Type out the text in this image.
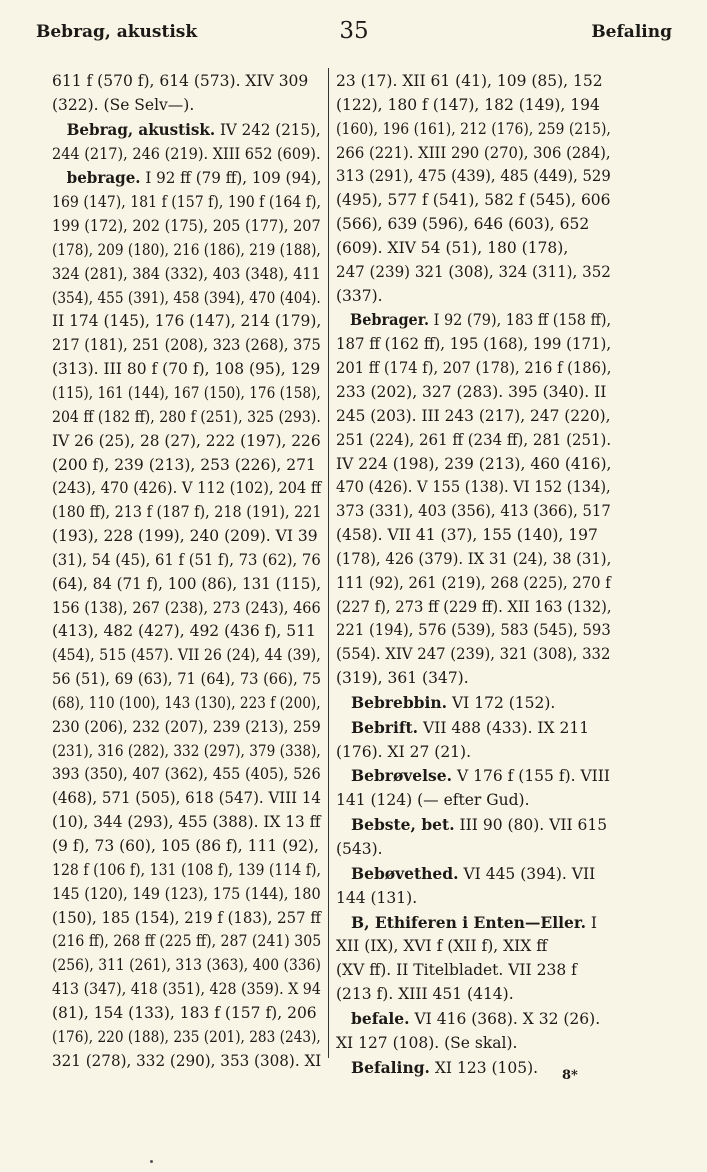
Bebrag, akustisk	35	Befaling
611 f (570 f), 614 (573). XIV 309
(322). (Se Selv—).
Bebrag, akustisk. IV 242 (215),
244 (217), 246 (219). XIII 652 (609).
bebrage. I 92 ff (79 ff), 109 (94),
169 (147), 181 f (157 f), 190 f (164 f),
199 (172), 202 (175), 205 (177), 207
(178), 209 (180), 216 (186), 219 (188),
324 (281), 384 (332), 403 (348), 411
(354), 455 (391), 458 (394), 470 (404).
II 174 (145), 176 (147), 214 (179),
217 (181), 251 (208), 323 (268), 375
(313). III 80 f (70 f), 108 (95), 129
(115), 161 (144), 167 (150), 176 (158),
204 ff (182 ff), 280 f (251), 325 (293).
IV 26 (25), 28 (27), 222 (197), 226
(200 f), 239 (213), 253 (226), 271
(243), 470 (426). V 112 (102), 204 ff
(180 ff), 213 f (187 f), 218 (191), 221
(193), 228 (199), 240 (209). VI 39
(31), 54 (45), 61 f (51 f), 73 (62), 76
(64), 84 (71 f), 100 (86), 131 (115),
156 (138), 267 (238), 273 (243), 466
(413), 482 (427), 492 (436 f), 511
(454), 515 (457). VII 26 (24), 44 (39),
56 (51), 69 (63), 71 (64), 73 (66), 75
(68), 110 (100), 143 (130), 223 f (200),
230 (206), 232 (207), 239 (213), 259
(231), 316 (282), 332 (297), 379 (338),
393 (350), 407 (362), 455 (405), 526
(468), 571 (505), 618 (547). VIII 14
(10), 344 (293), 455 (388). IX 13 ff
(9 f), 73 (60), 105 (86 f), 111 (92),
128 f (106 f), 131 (108 f), 139 (114 f),
145 (120), 149 (123), 175 (144), 180
(150), 185 (154), 219 f (183), 257 ff
(216 ff), 268 ff (225 ff), 287 (241) 305
(256), 311 (261), 313 (363), 400 (336)
413 (347), 418 (351), 428 (359). X 94
(81), 154 (133), 183 f (157 f), 206
(176), 220 (188), 235 (201), 283 (243),
321 (278), 332 (290), 353 (308). XI
23 (17). XII 61 (41), 109 (85), 152
(122), 180 f (147), 182 (149), 194
(160), 196 (161), 212 (176), 259 (215),
266 (221). XIII 290 (270), 306 (284),
313 (291), 475 (439), 485 (449), 529
(495), 577 f (541), 582 f (545), 606
(566), 639 (596), 646 (603), 652
(609). XIV 54 (51), 180 (178),
247 (239) 321 (308), 324 (311), 352
(337).
Bebrager. I 92 (79), 183 ff (158 ff),
187 ff (162 ff), 195 (168), 199 (171),
201 ff (174 f), 207 (178), 216 f (186),
233 (202), 327 (283). 395 (340). II
245 (203). III 243 (217), 247 (220),
251 (224), 261 ff (234 ff), 281 (251).
IV 224 (198), 239 (213), 460 (416),
470 (426). V 155 (138). VI 152 (134),
373 (331), 403 (356), 413 (366), 517
(458). VII 41 (37), 155 (140), 197
(178), 426 (379). IX 31 (24), 38 (31),
111 (92), 261 (219), 268 (225), 270 f
(227 f), 273 ff (229 ff). XII 163 (132),
221 (194), 576 (539), 583 (545), 593
(554). XIV 247 (239), 321 (308), 332
(319), 361 (347).
Bebrebbin. VI 172 (152).
Bebrift. VII 488 (433). IX 211
(176). XI 27 (21).
Bebrøvelse. V 176 f (155 f). VIII
141 (124) (— efter Gud).
Bebste, bet. III 90 (80). VII 615
(543).
Bebøvethed. VI 445 (394). VII
144 (131).
B, Ethiferen i Enten—Eller. I
XII (IX), XVI f (XII f), XIX ff
(XV ff). II Titelbladet. VII 238 f
(213 f). XIII 451 (414).
befale. VI 416 (368). X 32 (26).
XI 127 (108). (Se skal).
Befaling. XI 123 (105).	8*
